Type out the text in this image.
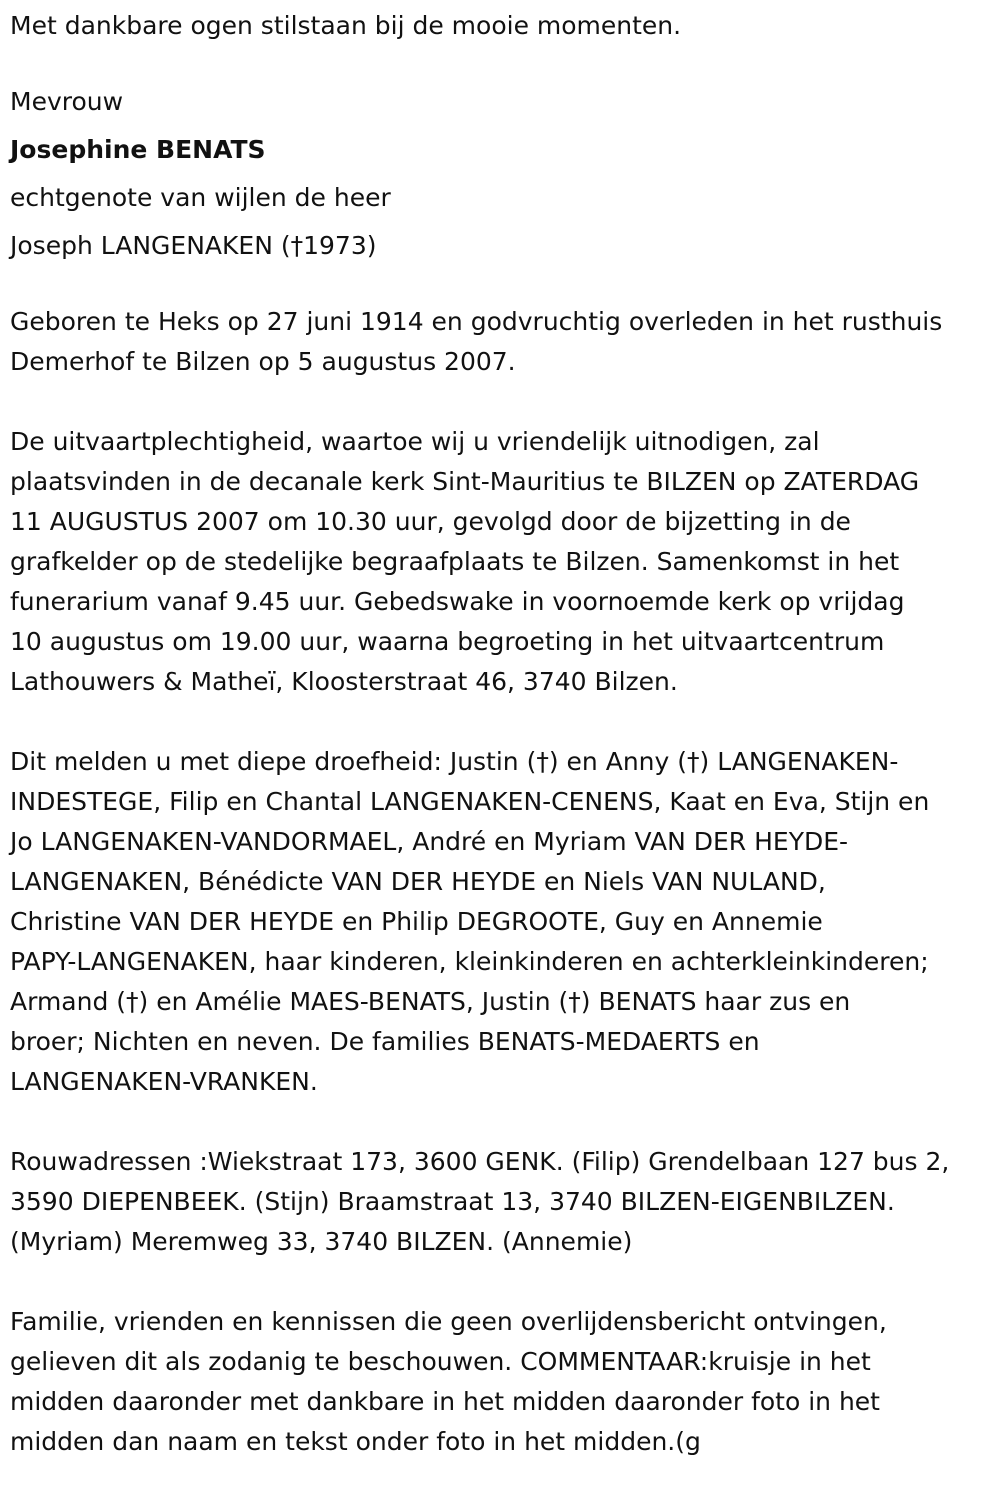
Met dankbare ogen stilstaan bij de mooie momenten.

Mevrouw

Josephine BENATS

echtgenote van wijlen de heer

Joseph LANGENAKEN (†1973)

Geboren te Heks op 27 juni 1914 en godvruchtig overleden in het rusthuis
Demerhof te Bilzen op 5 augustus 2007.
De uitvaartplechtigheid, waartoe wij u vriendelijk uitnodigen, zal
plaatsvinden in de decanale kerk Sint-Mauritius te BILZEN op ZATERDAG
11 AUGUSTUS 2007 om 10.30 uur, gevolgd door de bijzetting in de
grafkelder op de stedelijke begraafplaats te Bilzen. Samenkomst in het
funerarium vanaf 9.45 uur. Gebedswake in voornoemde kerk op vrijdag
10 augustus om 19.00 uur, waarna begroeting in het uitvaartcentrum
Lathouwers & Matheï, Kloosterstraat 46, 3740 Bilzen.
Dit melden u met diepe droefheid: Justin (†) en Anny (†) LANGENAKEN-
INDESTEGE, Filip en Chantal LANGENAKEN-CENENS, Kaat en Eva, Stijn en
Jo LANGENAKEN-VANDORMAEL, André en Myriam VAN DER HEYDE-
LANGENAKEN, Bénédicte VAN DER HEYDE en Niels VAN NULAND,
Christine VAN DER HEYDE en Philip DEGROOTE, Guy en Annemie
PAPY-LANGENAKEN, haar kinderen, kleinkinderen en achterkleinkinderen;
Armand (†) en Amélie MAES-BENATS, Justin (†) BENATS haar zus en
broer; Nichten en neven. De families BENATS-MEDAERTS en
LANGENAKEN-VRANKEN.
Rouwadressen :Wiekstraat 173, 3600 GENK. (Filip) Grendelbaan 127 bus 2,
3590 DIEPENBEEK. (Stijn) Braamstraat 13, 3740 BILZEN-EIGENBILZEN.
(Myriam) Meremweg 33, 3740 BILZEN. (Annemie)
Familie, vrienden en kennissen die geen overlijdensbericht ontvingen,
gelieven dit als zodanig te beschouwen. COMMENTAAR:kruisje in het
midden daaronder met dankbare in het midden daaronder foto in het
midden dan naam en tekst onder foto in het midden.(g
